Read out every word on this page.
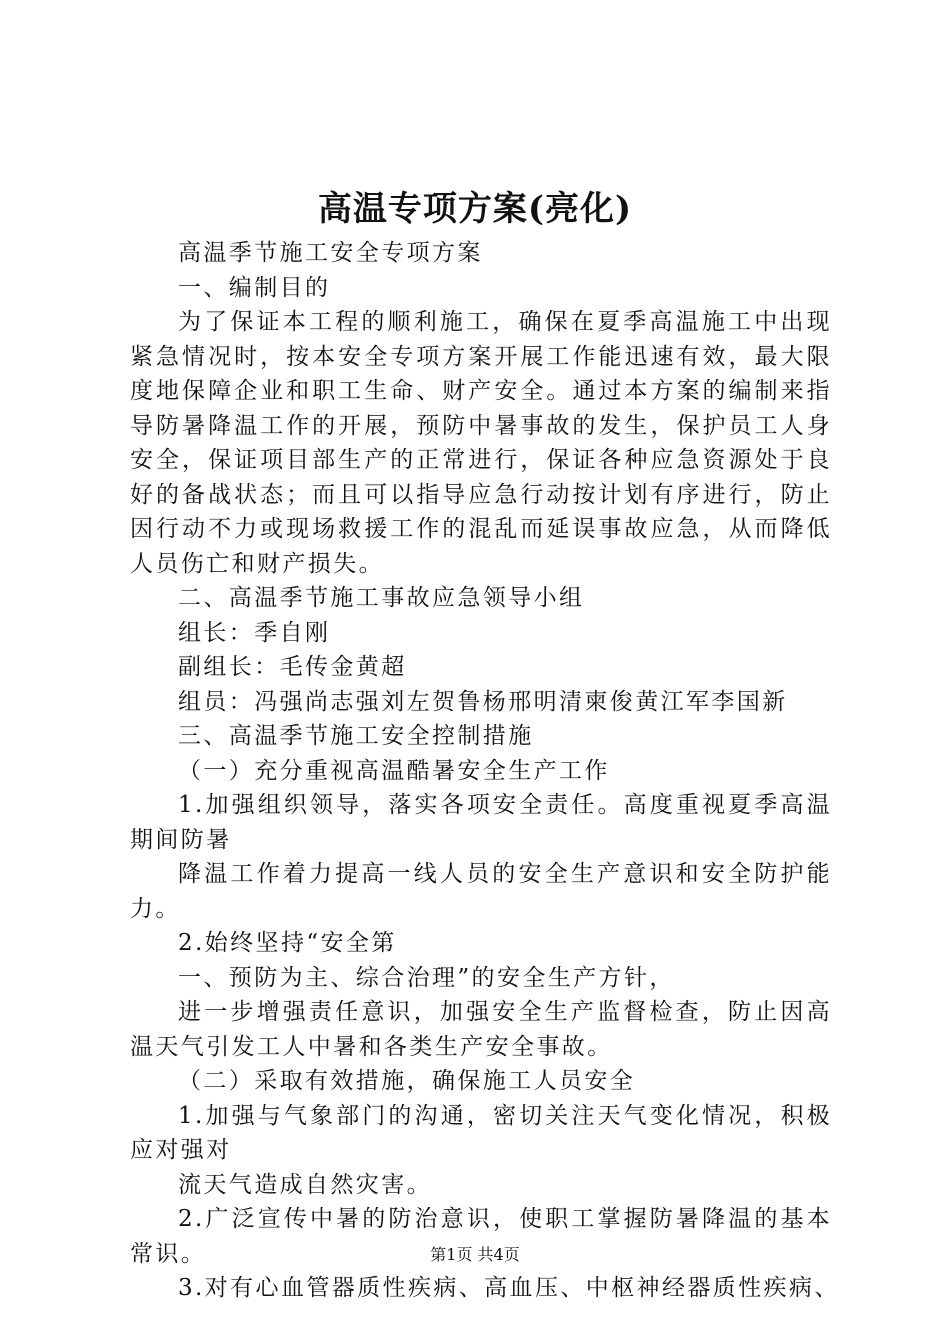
高温专项方案(亮化)

高温季节施工安全专项方案

一、编制目的

为了保证本工程的顺利施工，确保在夏季高温施工中出现紧急情况时，按本安全专项方案开展工作能迅速有效，最大限度地保障企业和职工生命、财产安全。通过本方案的编制来指导防暑降温工作的开展，预防中暑事故的发生，保护员工人身安全，保证项目部生产的正常进行，保证各种应急资源处于良好的备战状态；而且可以指导应急行动按计划有序进行，防止因行动不力或现场救援工作的混乱而延误事故应急，从而降低人员伤亡和财产损失。

二、高温季节施工事故应急领导小组

组长：季自刚

副组长：毛传金黄超

组员：冯强尚志强刘左贺鲁杨邢明清柬俊黄江军李国新

三、高温季节施工安全控制措施

（一）充分重视高温酷暑安全生产工作

1.加强组织领导，落实各项安全责任。高度重视夏季高温期间防暑

降温工作着力提高一线人员的安全生产意识和安全防护能力。

2.始终坚持“安全第

一、预防为主、综合治理”的安全生产方针，

进一步增强责任意识，加强安全生产监督检查，防止因高温天气引发工人中暑和各类生产安全事故。

（二）采取有效措施，确保施工人员安全

1.加强与气象部门的沟通，密切关注天气变化情况，积极应对强对

流天气造成自然灾害。

2.广泛宣传中暑的防治意识，使职工掌握防暑降温的基本常识。

3.对有心血管器质性疾病、高血压、中枢神经器质性疾病、

第1页 共4页
